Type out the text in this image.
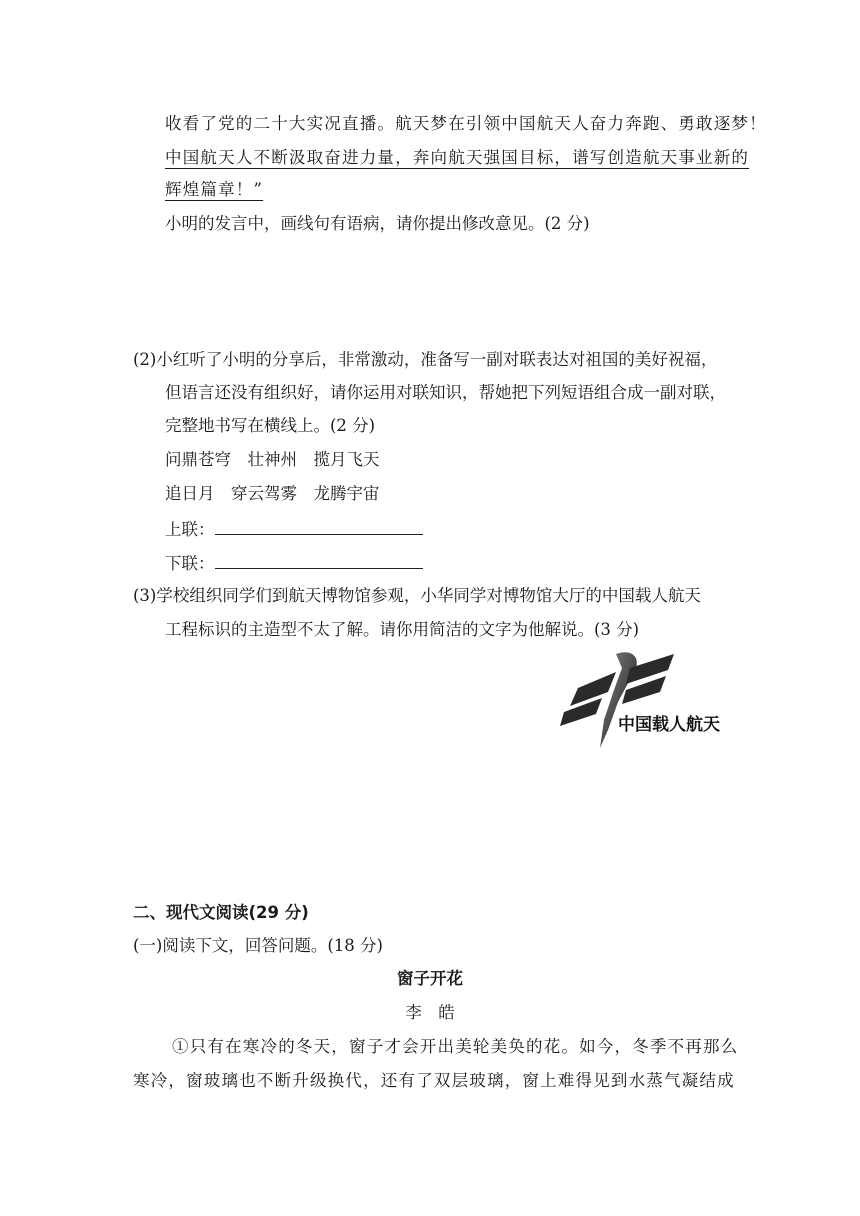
收看了党的二十大实况直播。航天梦在引领中国航天人奋力奔跑、勇敢逐梦！
中国航天人不断汲取奋进力量，奔向航天强国目标，谱写创造航天事业新的
辉煌篇章！”
小明的发言中，画线句有语病，请你提出修改意见。(2 分)
(2)小红听了小明的分享后，非常激动，准备写一副对联表达对祖国的美好祝福，
但语言还没有组织好，请你运用对联知识，帮她把下列短语组合成一副对联，
完整地书写在横线上。(2 分)
问鼎苍穹　壮神州　揽月飞天
追日月　穿云驾雾　龙腾宇宙
上联：
下联：
(3)学校组织同学们到航天博物馆参观，小华同学对博物馆大厅的中国载人航天
工程标识的主造型不太了解。请你用简洁的文字为他解说。(3 分)
中国载人航天
二、现代文阅读(29 分)
(一)阅读下文，回答问题。(18 分)
窗子开花
李　皓
①只有在寒冷的冬天，窗子才会开出美轮美奂的花。如今，冬季不再那么
寒冷，窗玻璃也不断升级换代，还有了双层玻璃，窗上难得见到水蒸气凝结成
